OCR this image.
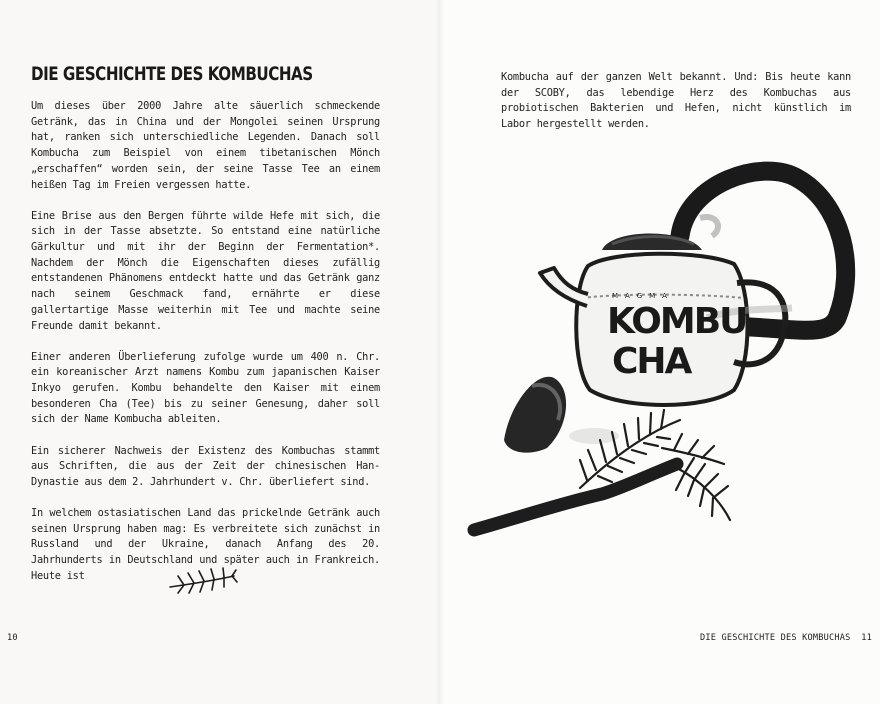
DIE GESCHICHTE DES KOMBUCHAS

Um dieses über 2000 Jahre alte säuerlich schmeckende Getränk, das in China und der Mongolei seinen Ursprung hat, ranken sich unterschiedliche Legenden. Danach soll Kombucha zum Beispiel von einem tibetanischen Mönch „erschaffen“ worden sein, der seine Tasse Tee an einem heißen Tag im Freien vergessen hatte.

Eine Brise aus den Bergen führte wilde Hefe mit sich, die sich in der Tasse absetzte. So entstand eine natürliche Gärkultur und mit ihr der Beginn der Fermentation*. Nachdem der Mönch die Eigenschaften dieses zufällig entstandenen Phänomens entdeckt hatte und das Getränk ganz nach seinem Geschmack fand, ernährte er diese gallertartige Masse weiterhin mit Tee und machte seine Freunde damit bekannt.

Einer anderen Überlieferung zufolge wurde um 400 n. Chr. ein koreanischer Arzt namens Kombu zum japanischen Kaiser Inkyo gerufen. Kombu behandelte den Kaiser mit einem besonderen Cha (Tee) bis zu seiner Genesung, daher soll sich der Name Kombucha ableiten.

Ein sicherer Nachweis der Existenz des Kombuchas stammt aus Schriften, die aus der Zeit der chinesischen Han-Dynastie aus dem 2. Jahrhundert v. Chr. überliefert sind.

In welchem ostasiatischen Land das prickelnde Getränk auch seinen Ursprung haben mag: Es verbreitete sich zunächst in Russland und der Ukraine, danach Anfang des 20. Jahrhunderts in Deutschland und später auch in Frankreich. Heute ist

Kombucha auf der ganzen Welt bekannt. Und: Bis heute kann der SCOBY, das lebendige Herz des Kombuchas aus probiotischen Bakterien und Hefen, nicht künstlich im Labor hergestellt werden.

MAGMA
KOMBU
CHA
10	DIE GESCHICHTE DES KOMBUCHAS 11
